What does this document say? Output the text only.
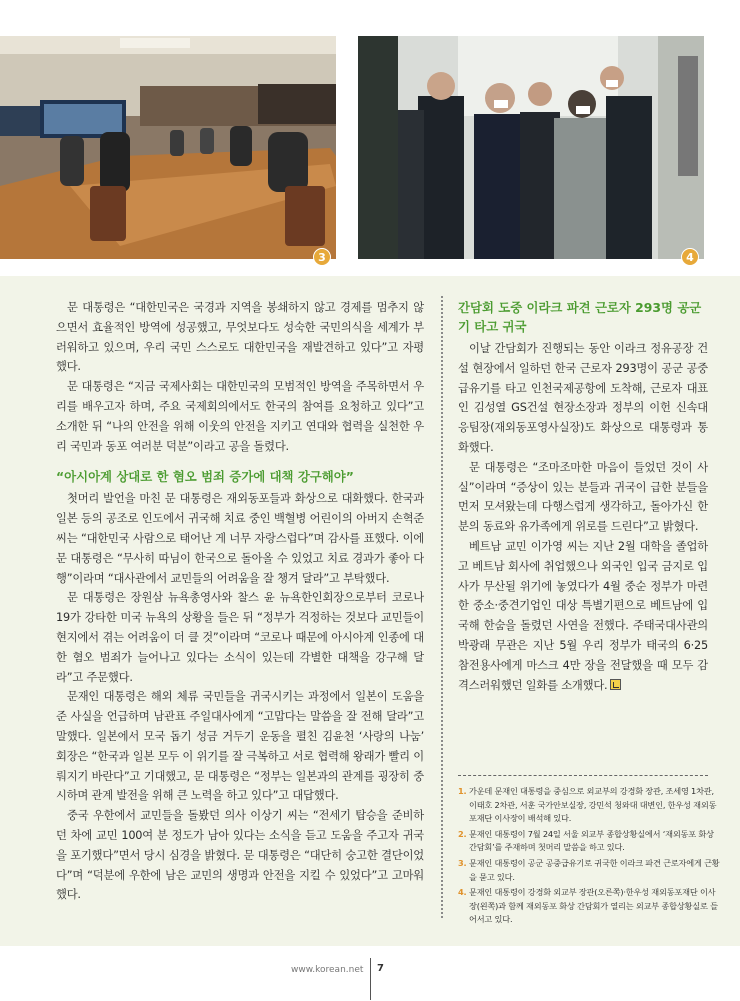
3	4

문 대통령은 “대한민국은 국경과 지역을 봉쇄하지 않고 경제를 멈추지 않으면서 효율적인 방역에 성공했고, 무엇보다도 성숙한 국민의식을 세계가 부러워하고 있으며, 우리 국민 스스로도 대한민국을 재발견하고 있다”고 자평했다.

문 대통령은 “지금 국제사회는 대한민국의 모범적인 방역을 주목하면서 우리를 배우고자 하며, 주요 국제회의에서도 한국의 참여를 요청하고 있다”고 소개한 뒤 “나의 안전을 위해 이웃의 안전을 지키고 연대와 협력을 실천한 우리 국민과 동포 여러분 덕분”이라고 공을 돌렸다.

“아시아계 상대로 한 혐오 범죄 증가에 대책 강구해야”

첫머리 발언을 마친 문 대통령은 재외동포들과 화상으로 대화했다. 한국과 일본 등의 공조로 인도에서 귀국해 치료 중인 백혈병 어린이의 아버지 손혁준 씨는 “대한민국 사람으로 태어난 게 너무 자랑스럽다”며 감사를 표했다. 이에 문 대통령은 “무사히 따님이 한국으로 돌아올 수 있었고 치료 경과가 좋아 다행”이라며 “대사관에서 교민들의 어려움을 잘 챙겨 달라”고 부탁했다.

문 대통령은 장원삼 뉴욕총영사와 찰스 윤 뉴욕한인회장으로부터 코로나 19가 강타한 미국 뉴욕의 상황을 들은 뒤 “정부가 걱정하는 것보다 교민들이 현지에서 겪는 어려움이 더 클 것”이라며 “코로나 때문에 아시아계 인종에 대한 혐오 범죄가 늘어나고 있다는 소식이 있는데 각별한 대책을 강구해 달라”고 주문했다.

문재인 대통령은 해외 체류 국민들을 귀국시키는 과정에서 일본이 도움을 준 사실을 언급하며 남관표 주일대사에게 “고맙다는 말씀을 잘 전해 달라”고 말했다. 일본에서 모국 돕기 성금 거두기 운동을 펼친 김윤천 ‘사랑의 나눔’ 회장은 “한국과 일본 모두 이 위기를 잘 극복하고 서로 협력해 왕래가 빨리 이뤄지기 바란다”고 기대했고, 문 대통령은 “정부는 일본과의 관계를 굉장히 중시하며 관계 발전을 위해 큰 노력을 하고 있다”고 대답했다.

중국 우한에서 교민들을 돌봤던 의사 이상기 씨는 “전세기 탑승을 준비하던 차에 교민 100여 분 정도가 남아 있다는 소식을 듣고 도움을 주고자 귀국을 포기했다”면서 당시 심경을 밝혔다. 문 대통령은 “대단히 숭고한 결단이었다”며 “덕분에 우한에 남은 교민의 생명과 안전을 지킬 수 있었다”고 고마워했다.

간담회 도중 이라크 파견 근로자 293명 공군기 타고 귀국

이날 간담회가 진행되는 동안 이라크 정유공장 건설 현장에서 일하던 한국 근로자 293명이 공군 공중급유기를 타고 인천국제공항에 도착해, 근로자 대표인 김성열 GS건설 현장소장과 정부의 이헌 신속대응팀장(재외동포영사실장)도 화상으로 대통령과 통화했다.

문 대통령은 “조마조마한 마음이 들었던 것이 사실”이라며 “증상이 있는 분들과 귀국이 급한 분들을 먼저 모셔왔는데 다행스럽게 생각하고, 돌아가신 한 분의 동료와 유가족에게 위로를 드린다”고 밝혔다.

베트남 교민 이가영 씨는 지난 2월 대학을 졸업하고 베트남 회사에 취업했으나 외국인 입국 금지로 입사가 무산될 위기에 놓였다가 4월 중순 정부가 마련한 중소·중견기업인 대상 특별기편으로 베트남에 입국해 한숨을 돌렸던 사연을 전했다. 주태국대사관의 박광래 무관은 지난 5월 우리 정부가 태국의 6·25 참전용사에게 마스크 4만 장을 전달했을 때 모두 감격스러워했던 일화를 소개했다.

1. 가운데 문재인 대통령을 중심으로 외교부의 강경화 장관, 조세영 1차관, 이태호 2차관, 서훈 국가안보실장, 강민석 청와대 대변인, 한우성 재외동포재단 이사장이 배석해 있다.
2. 문재인 대통령이 7월 24일 서울 외교부 종합상황실에서 ‘재외동포 화상 간담회’를 주재하며 첫머리 말씀을 하고 있다.
3. 문재인 대통령이 공군 공중급유기로 귀국한 이라크 파견 근로자에게 근황을 묻고 있다.
4. 문재인 대통령이 강경화 외교부 장관(오른쪽)·한우성 재외동포재단 이사장(왼쪽)과 함께 재외동포 화상 간담회가 열리는 외교부 종합상황실로 들어서고 있다.
www.korean.net 7
